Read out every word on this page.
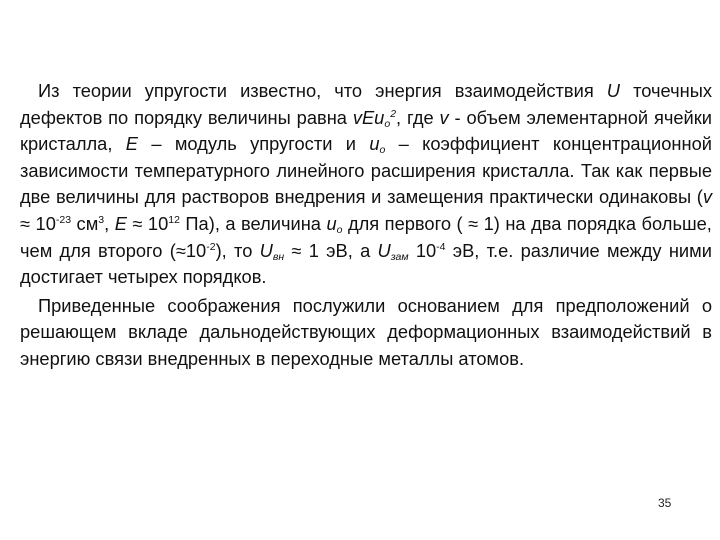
Из теории упругости известно, что энергия взаимодействия U точечных дефектов по порядку величины равна vEu$_o^2$, где v - объем элементарной ячейки кристалла, E – модуль упругости и $u_o$ – коэффициент концентрационной зависимости температурного линейного расширения кристалла. Так как первые две величины для растворов внедрения и замещения практически одинаковы ($v \approx 10^{-23}$ $см^3$, $E \approx 10^{12}$ Па), а величина $u_o$ для первого ( ≈ 1) на два порядка больше, чем для второго $(\approx 10^{-2})$, то $U_{вн} \approx 1$ эВ, а $U_{зам}$ $10^{-4}$ эВ, т.е. различие между ними достигает четырех порядков.

Приведенные соображения послужили основанием для предположений о решающем вкладе дальнодействующих деформационных взаимодействий в энергию связи внедренных в переходные металлы атомов.

35
